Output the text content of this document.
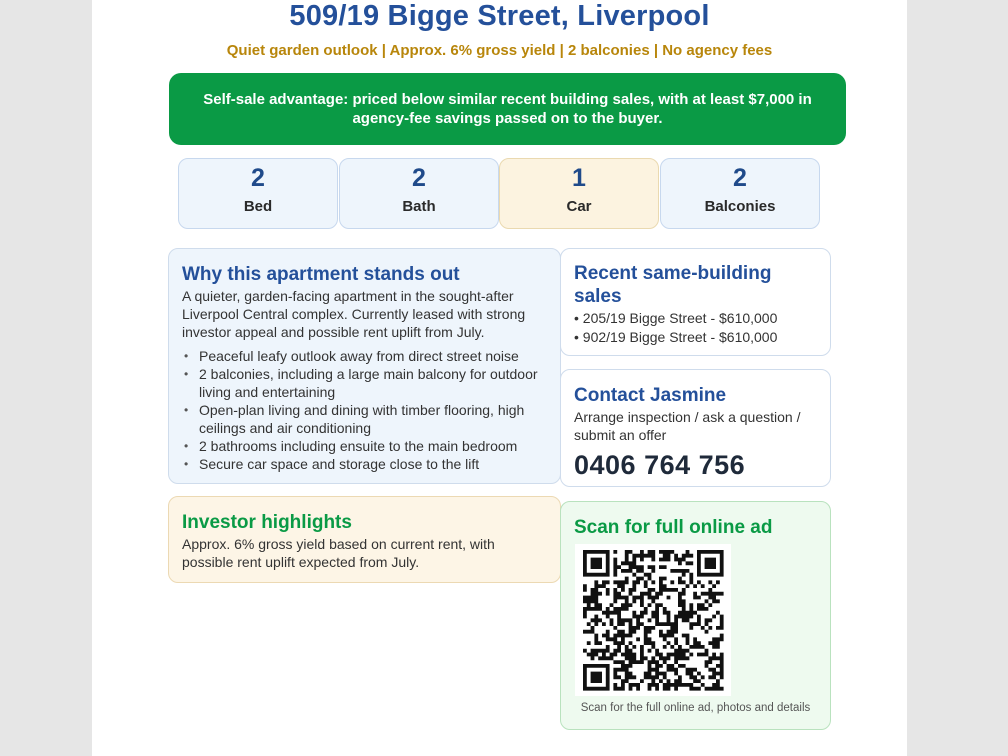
509/19 Bigge Street, Liverpool
Quiet garden outlook | Approx. 6% gross yield | 2 balconies | No agency fees
Self-sale advantage: priced below similar recent building sales, with at least $7,000 in agency-fee savings passed on to the buyer.
2
Bed
2
Bath
1
Car
2
Balconies
Why this apartment stands out

A quieter, garden-facing apartment in the sought-after Liverpool Central complex. Currently leased with strong investor appeal and possible rent uplift from July.

• Peaceful leafy outlook away from direct street noise
• 2 balconies, including a large main balcony for outdoor living and entertaining
• Open-plan living and dining with timber flooring, high ceilings and air conditioning
• 2 bathrooms including ensuite to the main bedroom
• Secure car space and storage close to the lift
Recent same-building sales
• 205/19 Bigge Street - $610,000
• 902/19 Bigge Street - $610,000
Contact Jasmine

Arrange inspection / ask a question / submit an offer

0406 764 756
Investor highlights

Approx. 6% gross yield based on current rent, with possible rent uplift expected from July.

Scan for full online ad
Scan for the full online ad, photos and details
